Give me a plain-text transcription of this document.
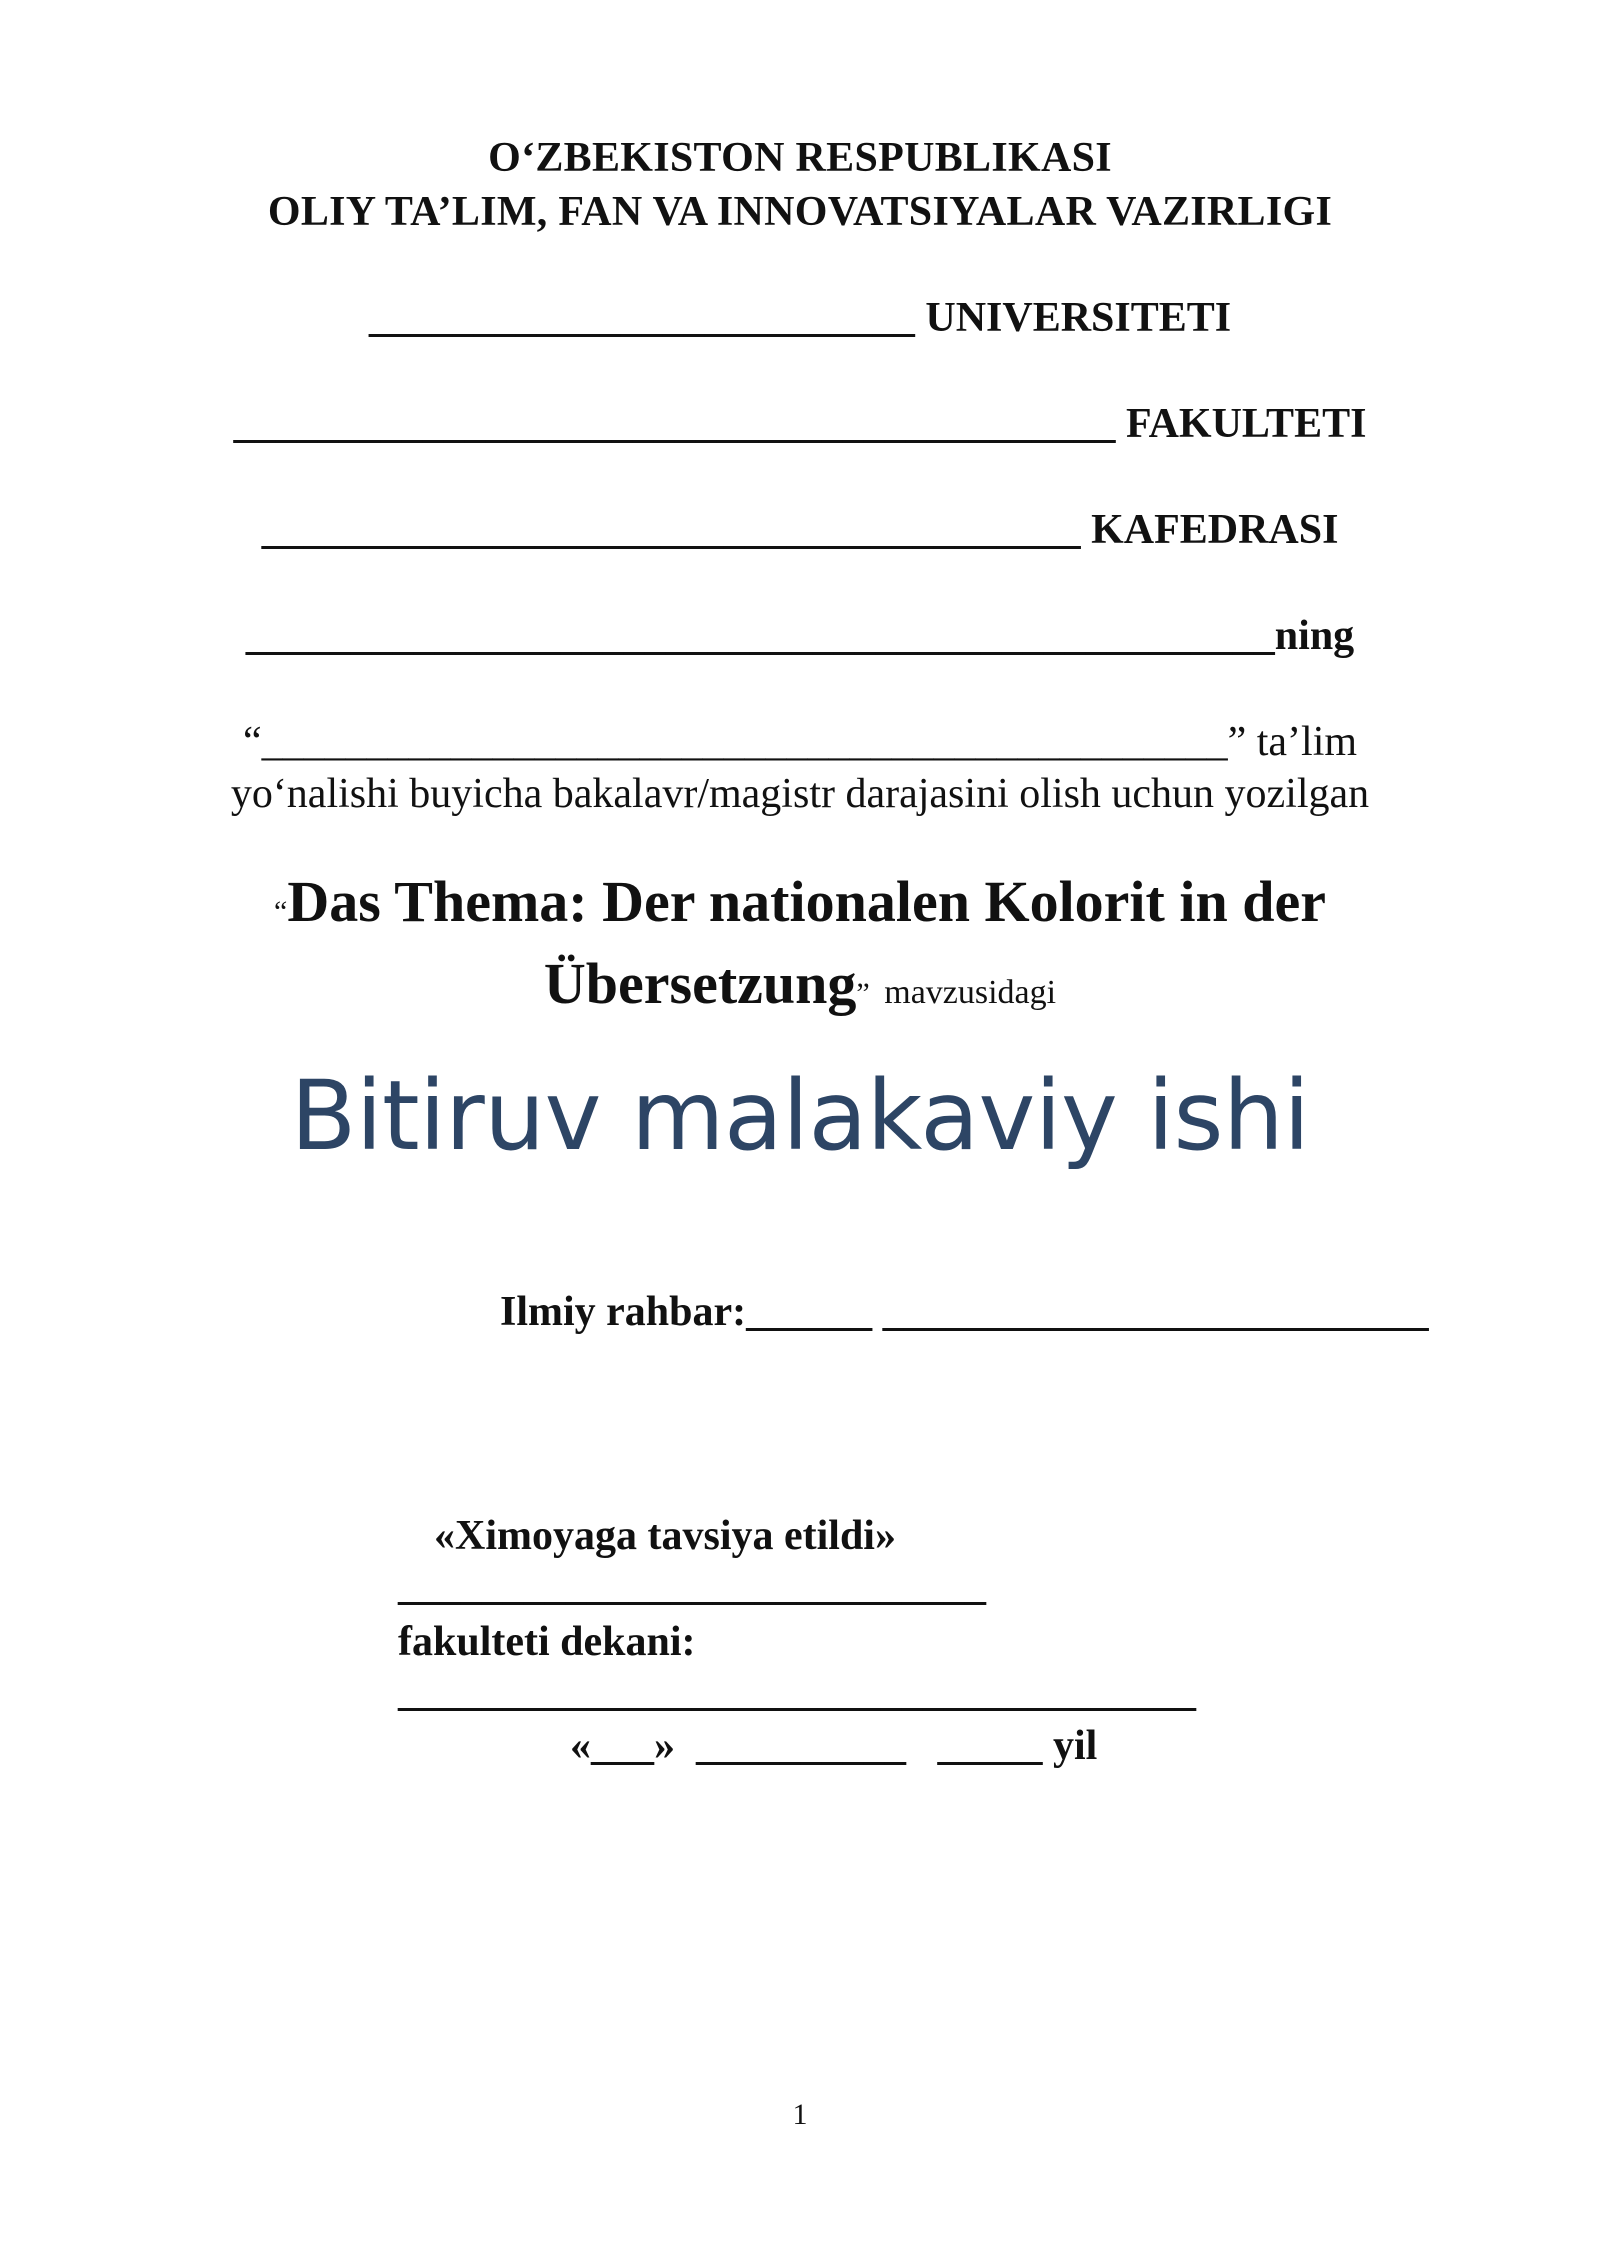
O‘ZBEKISTON RESPUBLIKASI
OLIY TA’LIM, FAN VA INNOVATSIYALAR VAZIRLIGI
__________________________ UNIVERSITETI
__________________________________________ FAKULTETI
_______________________________________ KAFEDRASI
_________________________________________________ning
“______________________________________________” ta’lim
yo‘nalishi buyicha bakalavr/magistr darajasini olish uchun yozilgan
“Das Thema: Der nationalen Kolorit in der
Übersetzung” mavzusidagi
Bitiruv malakaviy ishi
Ilmiy rahbar:______ __________________________
«Ximoyaga tavsiya etildi»
____________________________
fakulteti dekani:
______________________________________
«___» __________ _____ yil
1
